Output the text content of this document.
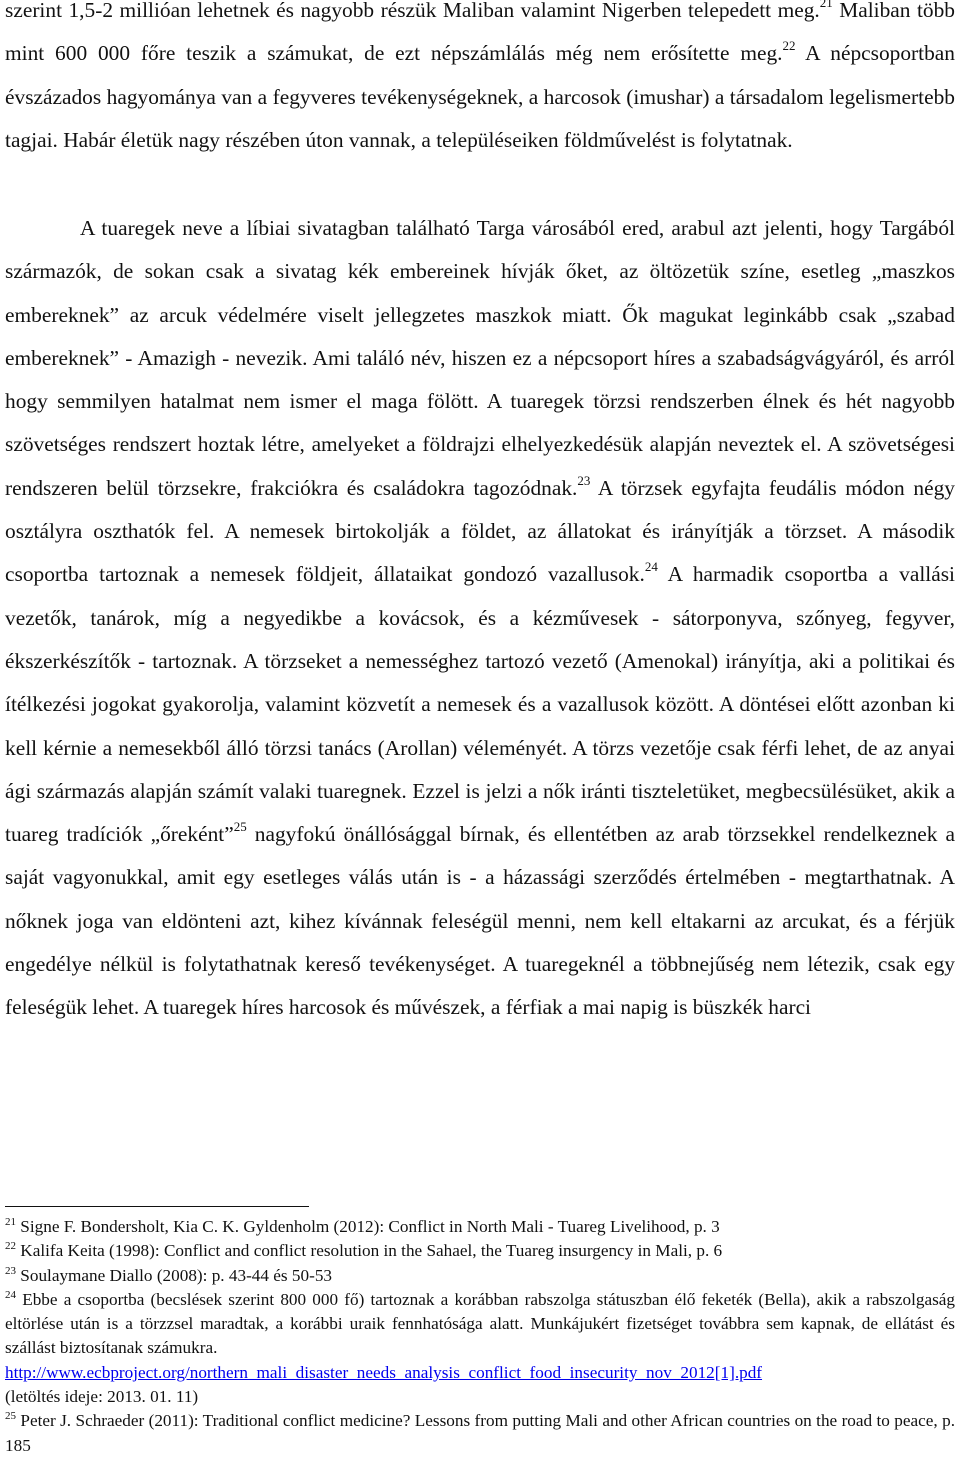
szerint 1,5-2 millióan lehetnek és nagyobb részük Maliban valamint Nigerben telepedett meg.$^{21}$ Maliban több mint 600 000 főre teszik a számukat, de ezt népszámlálás még nem erősítette meg.$^{22}$ A népcsoportban évszázados hagyománya van a fegyveres tevékenységeknek, a harcosok (imushar) a társadalom legelismertebb tagjai. Habár életük nagy részében úton vannak, a településeiken földművelést is folytatnak.

A tuaregek neve a líbiai sivatagban található Targa városából ered, arabul azt jelenti, hogy Targából származók, de sokan csak a sivatag kék embereinek hívják őket, az öltözetük színe, esetleg „maszkos embereknek” az arcuk védelmére viselt jellegzetes maszkok miatt. Ők magukat leginkább csak „szabad embereknek” - Amazigh - nevezik. Ami találó név, hiszen ez a népcsoport híres a szabadságvágyáról, és arról hogy semmilyen hatalmat nem ismer el maga fölött. A tuaregek törzsi rendszerben élnek és hét nagyobb szövetséges rendszert hoztak létre, amelyeket a földrajzi elhelyezkedésük alapján neveztek el. A szövetségesi rendszeren belül törzsekre, frakciókra és családokra tagozódnak.$^{23}$ A törzsek egyfajta feudális módon négy osztályra oszthatók fel. A nemesek birtokolják a földet, az állatokat és irányítják a törzset. A második csoportba tartoznak a nemesek földjeit, állataikat gondozó vazallusok.$^{24}$ A harmadik csoportba a vallási vezetők, tanárok, míg a negyedikbe a kovácsok, és a kézművesek - sátorponyva, szőnyeg, fegyver, ékszerkészítők - tartoznak. A törzseket a nemességhez tartozó vezető (Amenokal) irányítja, aki a politikai és ítélkezési jogokat gyakorolja, valamint közvetít a nemesek és a vazallusok között. A döntései előtt azonban ki kell kérnie a nemesekből álló törzsi tanács (Arollan) véleményét. A törzs vezetője csak férfi lehet, de az anyai ági származás alapján számít valaki tuaregnek. Ezzel is jelzi a nők iránti tiszteletüket, megbecsülésüket, akik a tuareg tradíciók „őreként”$^{25}$ nagyfokú önállósággal bírnak, és ellentétben az arab törzsekkel rendelkeznek a saját vagyonukkal, amit egy esetleges válás után is - a házassági szerződés értelmében - megtarthatnak. A nőknek joga van eldönteni azt, kihez kívánnak feleségül menni, nem kell eltakarni az arcukat, és a férjük engedélye nélkül is folytathatnak kereső tevékenységet. A tuaregeknél a többnejűség nem létezik, csak egy feleségük lehet. A tuaregek híres harcosok és művészek, a férfiak a mai napig is büszkék harci

$^{21}$ Signe F. Bondersholt, Kia C. K. Gyldenholm (2012): Conflict in North Mali - Tuareg Livelihood, p. 3

$^{22}$ Kalifa Keita (1998): Conflict and conflict resolution in the Sahael, the Tuareg insurgency in Mali, p. 6

$^{23}$ Soulaymane Diallo (2008): p. 43-44 és 50-53

$^{24}$ Ebbe a csoportba (becslések szerint 800 000 fő) tartoznak a korábban rabszolga státuszban élő feketék (Bella), akik a rabszolgaság eltörlése után is a törzzsel maradtak, a korábbi uraik fennhatósága alatt. Munkájukért fizetséget továbbra sem kapnak, de ellátást és szállást biztosítanak számukra.
http://www.ecbproject.org/northern_mali_disaster_needs_analysis_conflict_food_insecurity_nov_2012[1].pdf
(letöltés ideje: 2013. 01. 11)

$^{25}$ Peter J. Schraeder (2011): Traditional conflict medicine? Lessons from putting Mali and other African countries on the road to peace, p. 185
